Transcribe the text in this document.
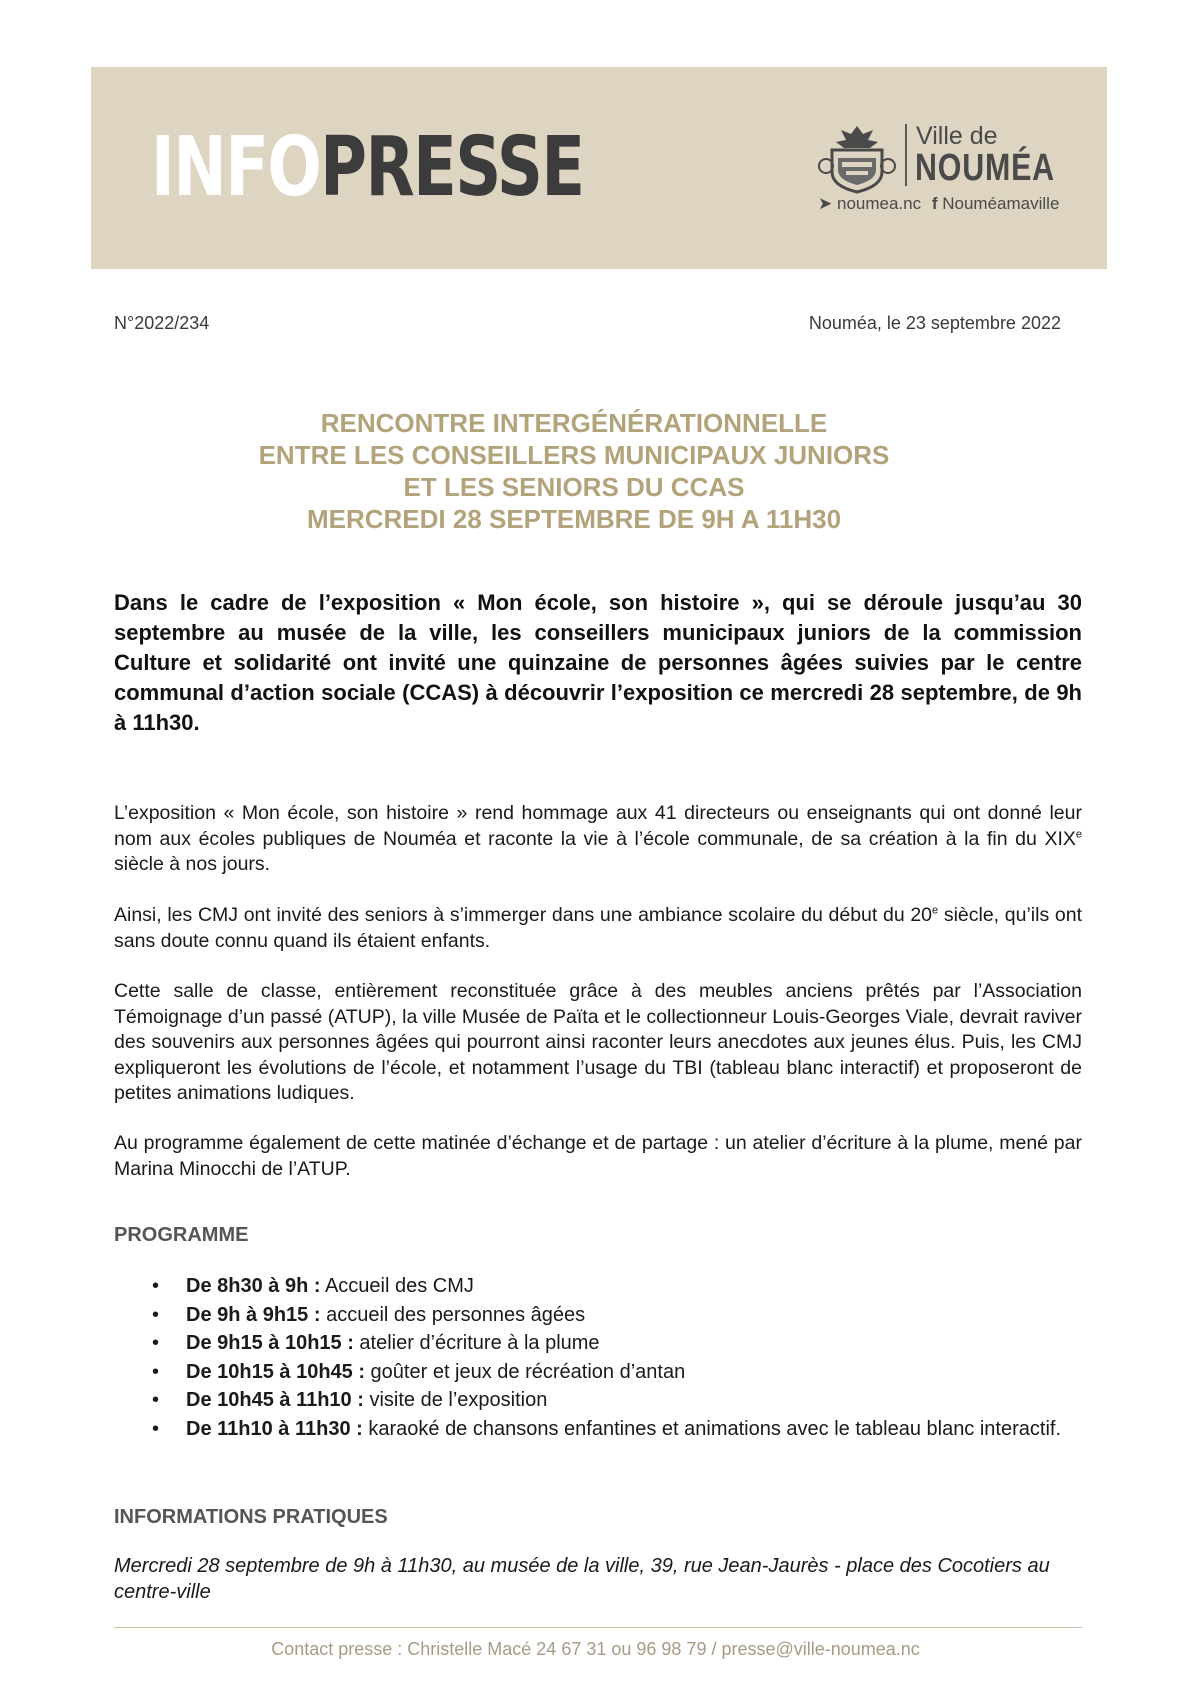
INFOPRESSE	Ville de
NOUMÉA
➤ noumea.nc f Nouméamaville
N°2022/234	Nouméa, le 23 septembre 2022
RENCONTRE INTERGÉNÉRATIONNELLE
ENTRE LES CONSEILLERS MUNICIPAUX JUNIORS
ET LES SENIORS DU CCAS
MERCREDI 28 SEPTEMBRE DE 9H A 11H30
Dans le cadre de l’exposition « Mon école, son histoire », qui se déroule jusqu’au 30 septembre au musée de la ville, les conseillers municipaux juniors de la commission Culture et solidarité ont invité une quinzaine de personnes âgées suivies par le centre communal d’action sociale (CCAS) à découvrir l’exposition ce mercredi 28 septembre, de 9h à 11h30.

L’exposition « Mon école, son histoire » rend hommage aux 41 directeurs ou enseignants qui ont donné leur nom aux écoles publiques de Nouméa et raconte la vie à l’école communale, de sa création à la fin du XIXe siècle à nos jours.

Ainsi, les CMJ ont invité des seniors à s’immerger dans une ambiance scolaire du début du 20e siècle, qu’ils ont sans doute connu quand ils étaient enfants.

Cette salle de classe, entièrement reconstituée grâce à des meubles anciens prêtés par l’Association Témoignage d’un passé (ATUP), la ville Musée de Païta et le collectionneur Louis-Georges Viale, devrait raviver des souvenirs aux personnes âgées qui pourront ainsi raconter leurs anecdotes aux jeunes élus. Puis, les CMJ expliqueront les évolutions de l’école, et notamment l’usage du TBI (tableau blanc interactif) et proposeront de petites animations ludiques.
Au programme également de cette matinée d’échange et de partage : un atelier d’écriture à la plume, mené par Marina Minocchi de l’ATUP.
PROGRAMME
• De 8h30 à 9h : Accueil des CMJ
• De 9h à 9h15 : accueil des personnes âgées
• De 9h15 à 10h15 : atelier d’écriture à la plume
• De 10h15 à 10h45 : goûter et jeux de récréation d’antan
• De 10h45 à 11h10 : visite de l’exposition
• De 11h10 à 11h30 : karaoké de chansons enfantines et animations avec le tableau blanc interactif.
INFORMATIONS PRATIQUES
Mercredi 28 septembre de 9h à 11h30, au musée de la ville, 39, rue Jean-Jaurès - place des Cocotiers au centre-ville
Contact presse : Christelle Macé 24 67 31 ou 96 98 79 / presse@ville-noumea.nc
